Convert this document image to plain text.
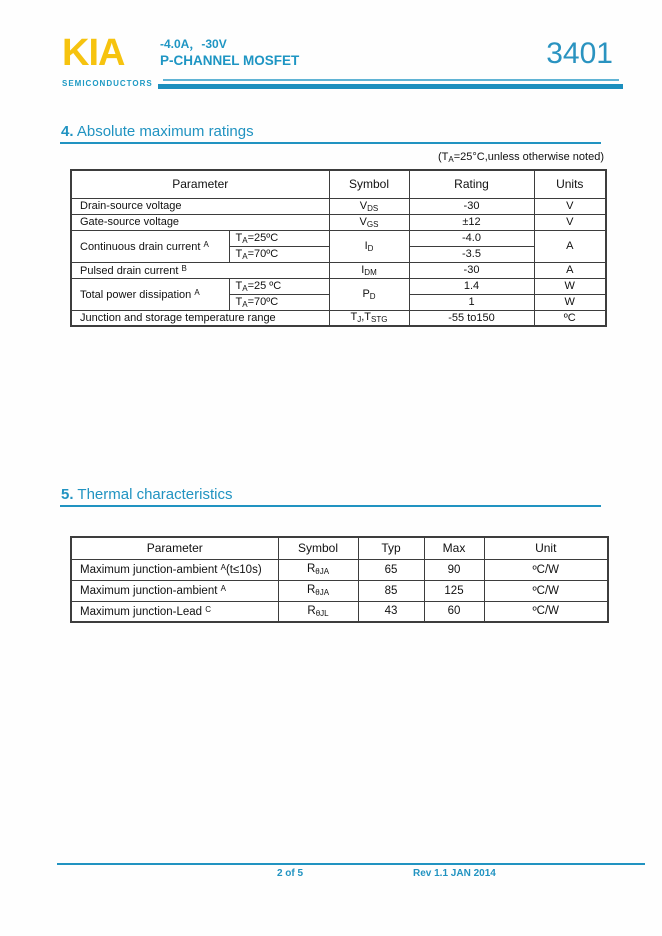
KIA
SEMICONDUCTORS
-4.0A，-30V
P-CHANNEL MOSFET	3401
4. Absolute maximum ratings
($T_A=25^\circ C,unless$ otherwise noted)
Parameter		Symbol	Rating	Units
Drain-source voltage		$V_{DS}$	-30	V
Gate-source voltage		$V_{GS}$	±12	V
Continuous drain current $^A$	$T_A=25ºC$	$I_D$	-4.0	A
	$T_A=70ºC$		-3.5	
Pulsed drain current $^B$		$I_{DM}$	-30	A
Total power dissipation $^A$	$T_A=25$ ºC	$P_D$	1.4	W
	$T_A=70ºC$		1	W
Junction and storage temperature range		$T_J,T_{STG}$	-55 to150	ºC
5. Thermal characteristics
Parameter	Symbol	Typ	Max	Unit
Maximum junction-ambient $^A$(t≤10s)	$R_{\theta JA}$	65	90	ºC/W
Maximum junction-ambient $^A$	$R_{\theta JA}$	85	125	ºC/W
Maximum junction-Lead $^C$	$R_{\theta JL}$	43	60	ºC/W
2 of 5	Rev 1.1 JAN 2014
